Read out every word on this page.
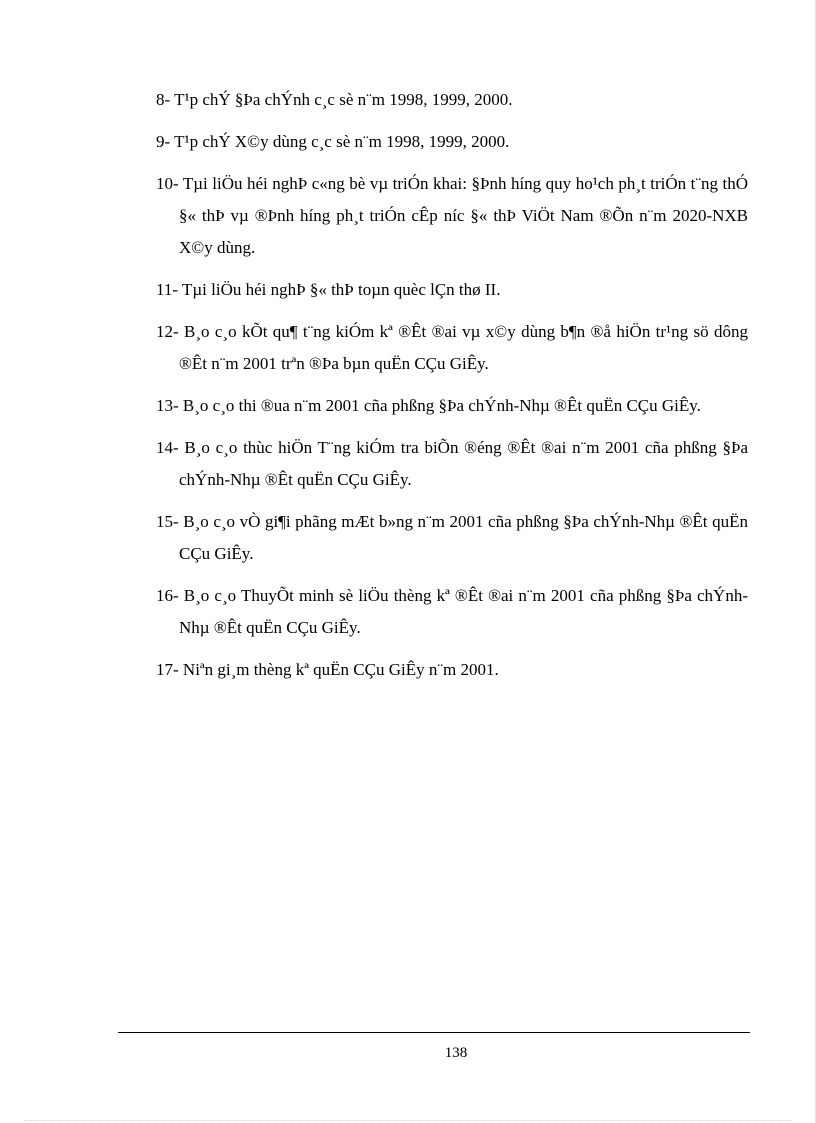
8- T¹p chÝ §Þa chÝnh c¸c sè n¨m 1998, 1999, 2000.
9- T¹p chÝ X©y dùng c¸c sè n¨m 1998, 1999, 2000.
10- Tµi liÖu héi nghÞ c«ng bè vµ triÓn khai: §Þnh híng quy ho¹ch ph¸t triÓn t¨ng thÓ §« thÞ vµ ®Þnh híng ph¸t triÓn cÊp níc §« thÞ ViÖt Nam ®Õn n¨m 2020-NXB X©y dùng.
11- Tµi liÖu héi nghÞ §« thÞ toµn quèc lÇn thø II.
12- B¸o c¸o kÕt qu¶ t¨ng kiÓm kª ®Êt ®ai vµ x©y dùng b¶n ®å hiÖn tr¹ng sö dông ®Êt n¨m 2001 trªn ®Þa bµn quËn CÇu GiÊy.
13- B¸o c¸o thi ®ua n¨m 2001 cña phßng §Þa chÝnh-Nhµ ®Êt quËn CÇu GiÊy.
14- B¸o c¸o thùc hiÖn T¨ng kiÓm tra biÕn ®éng ®Êt ®ai n¨m 2001 cña phßng §Þa chÝnh-Nhµ ®Êt quËn CÇu GiÊy.
15- B¸o c¸o vÒ gi¶i phãng mÆt b»ng n¨m 2001 cña phßng §Þa chÝnh-Nhµ ®Êt quËn CÇu GiÊy.
16- B¸o c¸o ThuyÕt minh sè liÖu thèng kª ®Êt ®ai n¨m 2001 cña phßng §Þa chÝnh-Nhµ ®Êt quËn CÇu GiÊy.
17- Niªn gi¸m thèng kª quËn CÇu GiÊy n¨m 2001.
138
